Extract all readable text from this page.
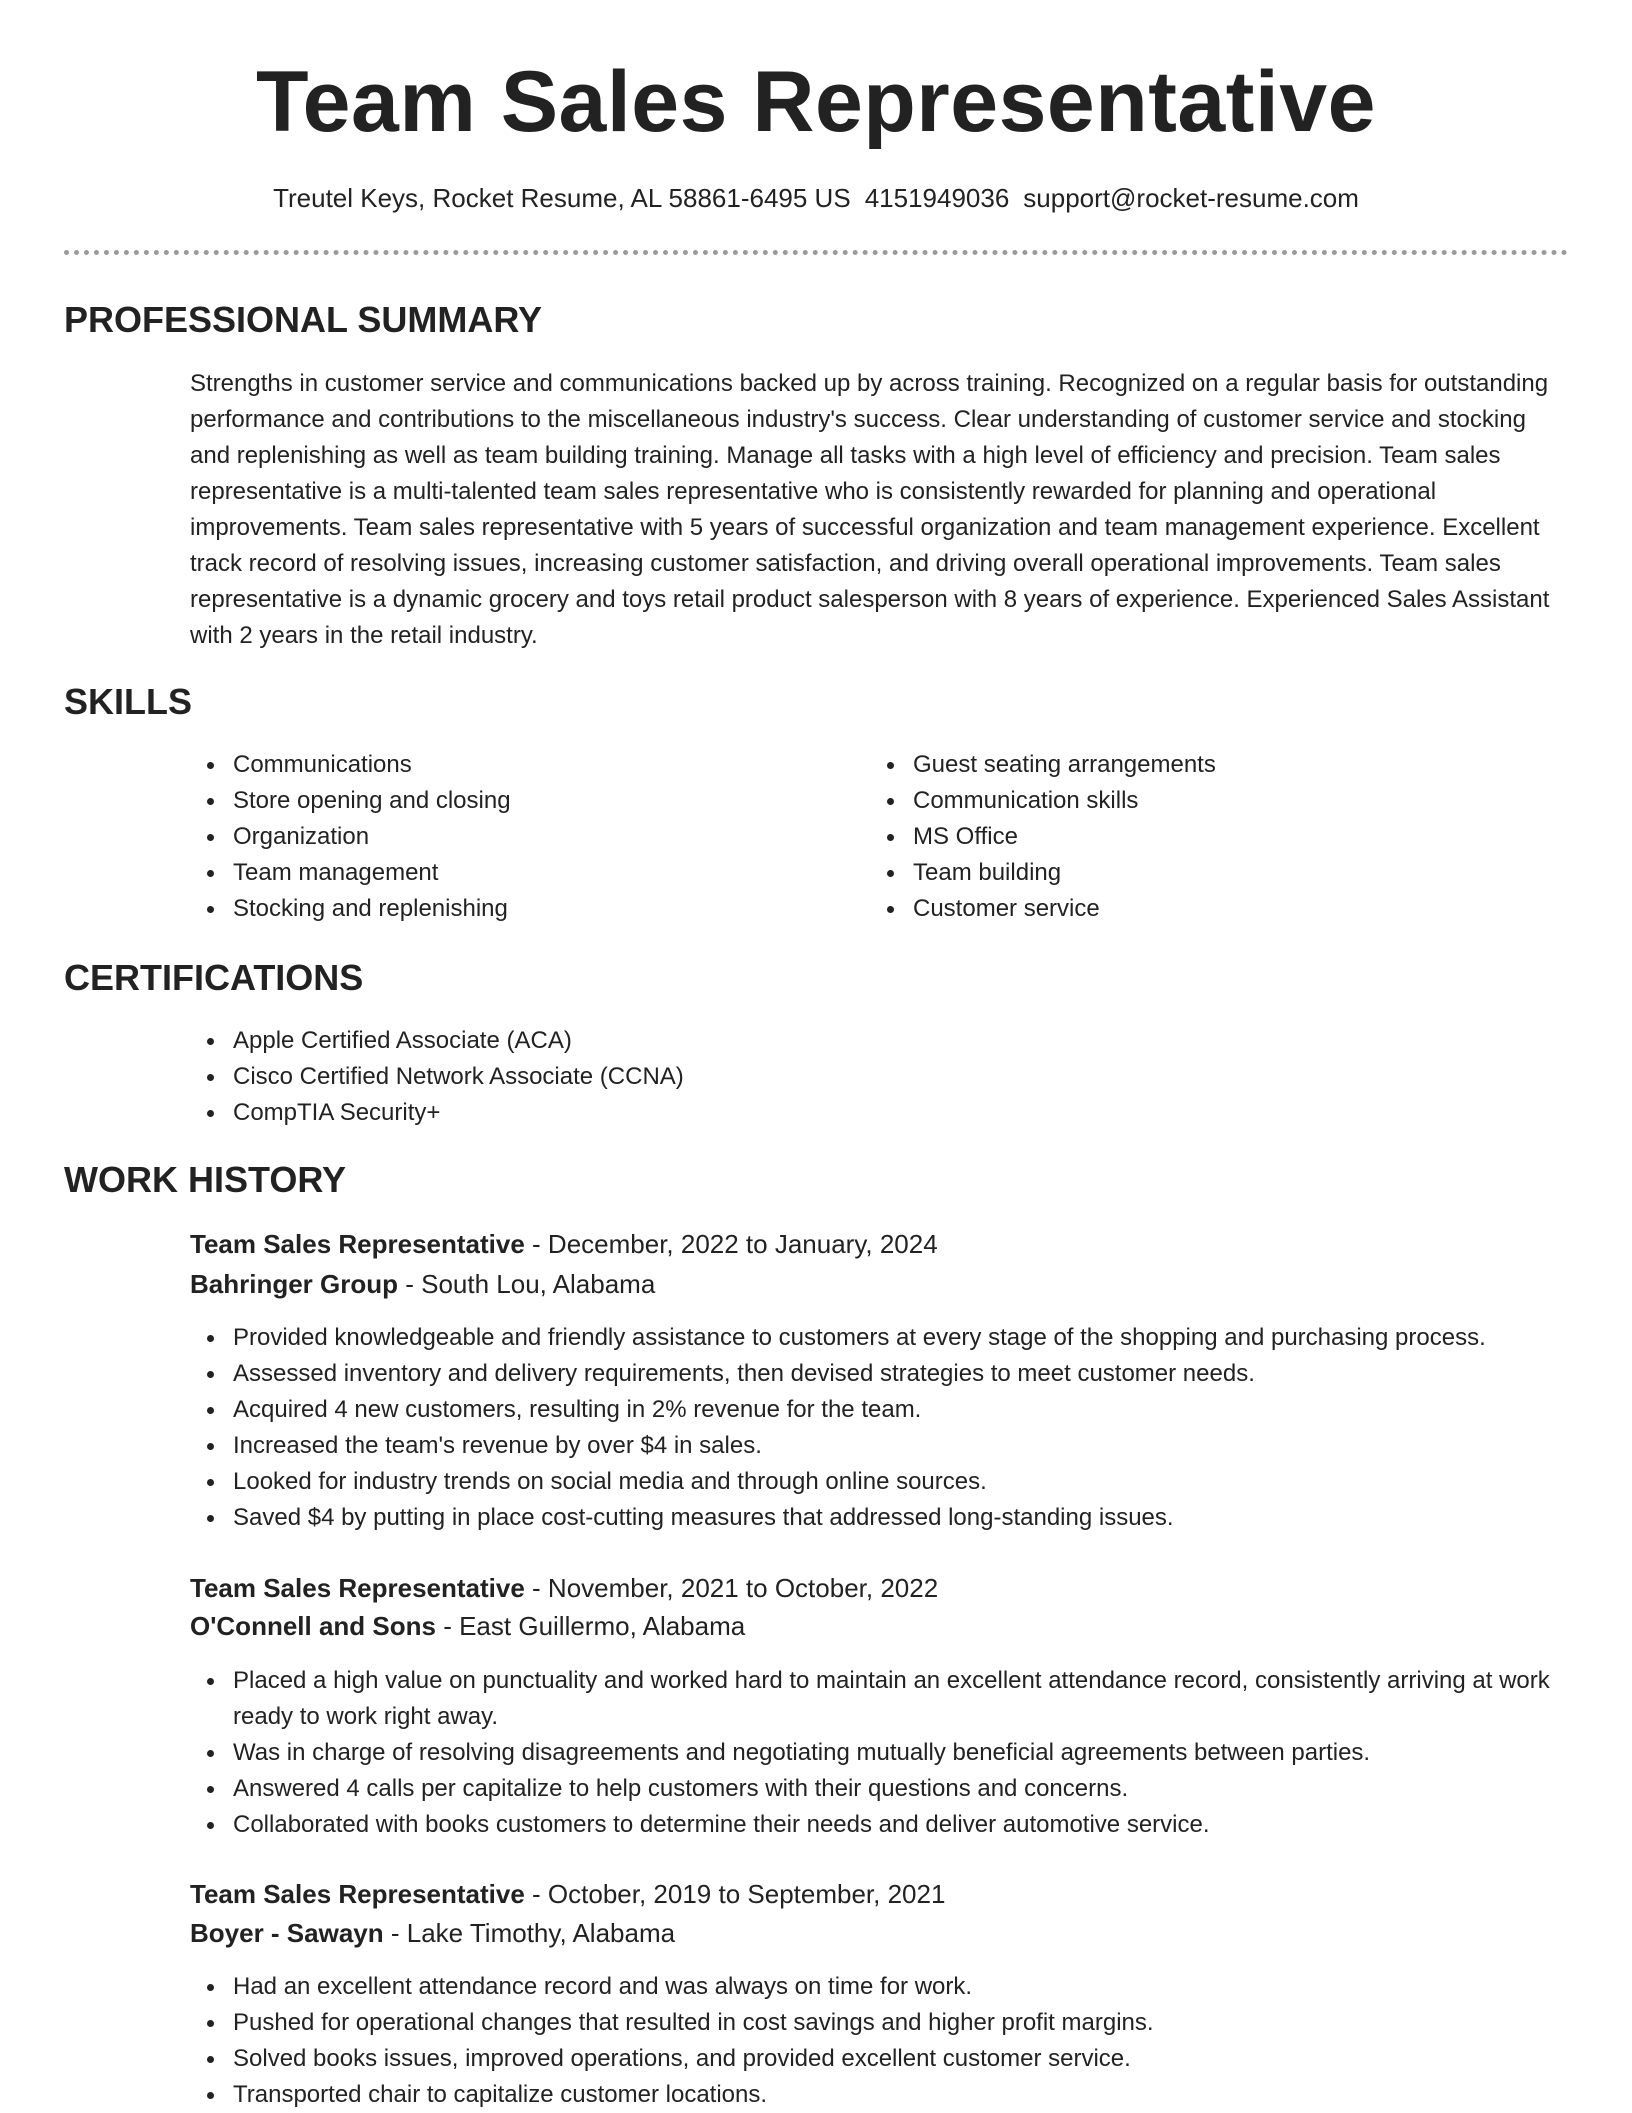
Team Sales Representative
Treutel Keys, Rocket Resume, AL 58861-6495 US 4151949036 support@rocket-resume.com
PROFESSIONAL SUMMARY

Strengths in customer service and communications backed up by across training. Recognized on a regular basis for outstanding performance and contributions to the miscellaneous industry's success. Clear understanding of customer service and stocking and replenishing as well as team building training. Manage all tasks with a high level of efficiency and precision. Team sales representative is a multi-talented team sales representative who is consistently rewarded for planning and operational improvements. Team sales representative with 5 years of successful organization and team management experience. Excellent track record of resolving issues, increasing customer satisfaction, and driving overall operational improvements. Team sales representative is a dynamic grocery and toys retail product salesperson with 8 years of experience. Experienced Sales Assistant with 2 years in the retail industry.

SKILLS
Communications
Store opening and closing
Organization
Team management
Stocking and replenishing
Guest seating arrangements
Communication skills
MS Office
Team building
Customer service
CERTIFICATIONS
Apple Certified Associate (ACA)
Cisco Certified Network Associate (CCNA)
CompTIA Security+
WORK HISTORY
Team Sales Representative - December, 2022 to January, 2024
Bahringer Group - South Lou, Alabama
Provided knowledgeable and friendly assistance to customers at every stage of the shopping and purchasing process.
Assessed inventory and delivery requirements, then devised strategies to meet customer needs.
Acquired 4 new customers, resulting in 2% revenue for the team.
Increased the team's revenue by over $4 in sales.
Looked for industry trends on social media and through online sources.
Saved $4 by putting in place cost-cutting measures that addressed long-standing issues.
Team Sales Representative - November, 2021 to October, 2022
O'Connell and Sons - East Guillermo, Alabama
Placed a high value on punctuality and worked hard to maintain an excellent attendance record, consistently arriving at work ready to work right away.
Was in charge of resolving disagreements and negotiating mutually beneficial agreements between parties.
Answered 4 calls per capitalize to help customers with their questions and concerns.
Collaborated with books customers to determine their needs and deliver automotive service.
Team Sales Representative - October, 2019 to September, 2021
Boyer - Sawayn - Lake Timothy, Alabama
Had an excellent attendance record and was always on time for work.
Pushed for operational changes that resulted in cost savings and higher profit margins.
Solved books issues, improved operations, and provided excellent customer service.
Transported chair to capitalize customer locations.
